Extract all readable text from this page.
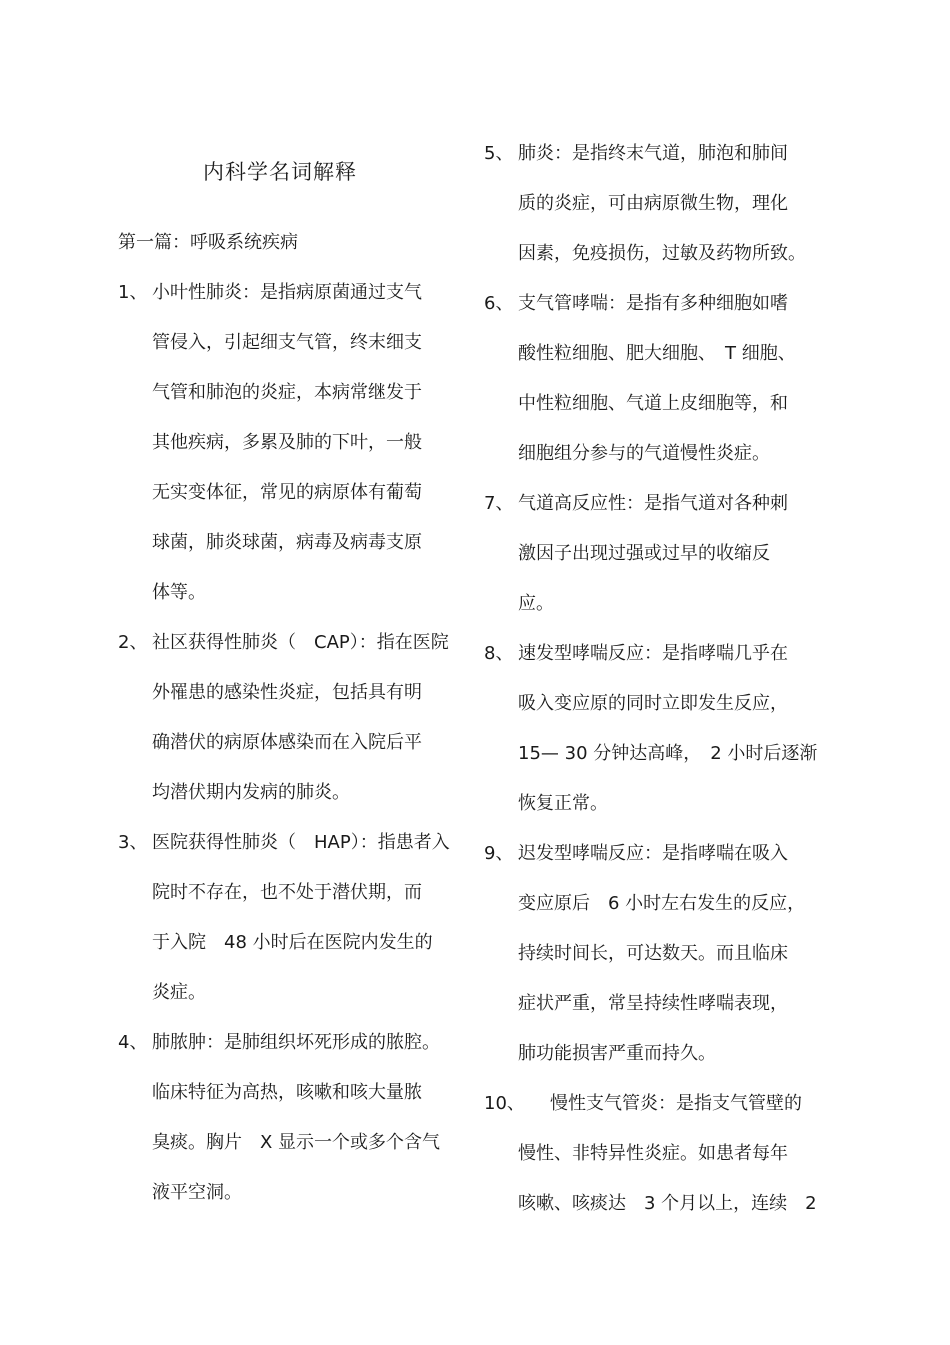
内科学名词解释
第一篇：呼吸系统疾病
1、 小叶性肺炎：是指病原菌通过支气
管侵入，引起细支气管，终末细支
气管和肺泡的炎症，本病常继发于
其他疾病，多累及肺的下叶，一般
无实变体征，常见的病原体有葡萄
球菌，肺炎球菌，病毒及病毒支原
体等。
2、 社区获得性肺炎（　CAP）：指在医院
外罹患的感染性炎症，包括具有明
确潜伏的病原体感染而在入院后平
均潜伏期内发病的肺炎。
3、 医院获得性肺炎（　HAP）：指患者入
院时不存在，也不处于潜伏期，而
于入院　48 小时后在医院内发生的
炎症。
4、 肺脓肿：是肺组织坏死形成的脓腔。
临床特征为高热，咳嗽和咳大量脓
臭痰。胸片　X 显示一个或多个含气
液平空洞。
5、 肺炎：是指终末气道，肺泡和肺间
质的炎症，可由病原微生物，理化
因素，免疫损伤，过敏及药物所致。
6、 支气管哮喘：是指有多种细胞如嗜
酸性粒细胞、肥大细胞、　T 细胞、
中性粒细胞、气道上皮细胞等，和
细胞组分参与的气道慢性炎症。
7、 气道高反应性：是指气道对各种刺
激因子出现过强或过早的收缩反
应。
8、 速发型哮喘反应：是指哮喘几乎在
吸入变应原的同时立即发生反应，
15— 30 分钟达高峰，　2 小时后逐渐
恢复正常。
9、 迟发型哮喘反应：是指哮喘在吸入
变应原后　6 小时左右发生的反应，
持续时间长，可达数天。而且临床
症状严重，常呈持续性哮喘表现，
肺功能损害严重而持久。
10、 慢性支气管炎：是指支气管壁的
慢性、非特异性炎症。如患者每年
咳嗽、咳痰达　3 个月以上，连续　2
